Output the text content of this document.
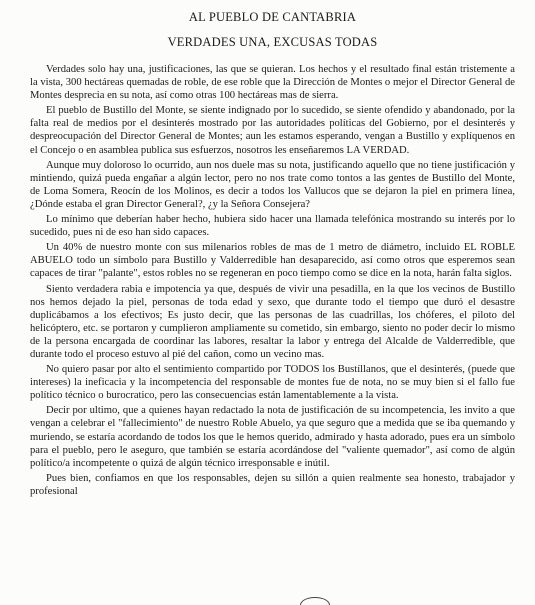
AL PUEBLO DE CANTABRIA
VERDADES UNA, EXCUSAS TODAS

Verdades solo hay una, justificaciones, las que se quieran. Los hechos y el resultado final están tristemente a la vista, 300 hectáreas quemadas de roble, de ese roble que la Dirección de Montes o mejor el Director General de Montes desprecia en su nota, así como otras 100 hectáreas mas de sierra.

El pueblo de Bustillo del Monte, se siente indignado por lo sucedido, se siente ofendido y abandonado, por la falta real de medios por el desinterés mostrado por las autoridades políticas del Gobierno, por el desinterés y despreocupación del Director General de Montes; aun les estamos esperando, vengan a Bustillo y explíquenos en el Concejo o en asamblea publica sus esfuerzos, nosotros les enseñaremos LA VERDAD.

Aunque muy doloroso lo ocurrido, aun nos duele mas su nota, justificando aquello que no tiene justificación y mintiendo, quizá pueda engañar a algún lector, pero no nos trate como tontos a las gentes de Bustillo del Monte, de Loma Somera, Reocín de los Molinos, es decir a todos los Vallucos que se dejaron la piel en primera línea, ¿Dónde estaba el gran Director General?, ¿y la Señora Consejera?

Lo mínimo que deberían haber hecho, hubiera sido hacer una llamada telefónica mostrando su interés por lo sucedido, pues ni de eso han sido capaces.

Un 40% de nuestro monte con sus milenarios robles de mas de 1 metro de diámetro, incluido EL ROBLE ABUELO todo un símbolo para Bustillo y Valderredible han desaparecido, así como otros que esperemos sean capaces de tirar "palante", estos robles no se regeneran en poco tiempo como se dice en la nota, harán falta siglos.

Siento verdadera rabia e impotencia ya que, después de vivir una pesadilla, en la que los vecinos de Bustillo nos hemos dejado la piel, personas de toda edad y sexo, que durante todo el tiempo que duró el desastre duplicábamos a los efectivos; Es justo decir, que las personas de las cuadrillas, los chóferes, el piloto del helicóptero, etc. se portaron y cumplieron ampliamente su cometido, sin embargo, siento no poder decir lo mismo de la persona encargada de coordinar las labores, resaltar la labor y entrega del Alcalde de Valderredible, que durante todo el proceso estuvo al pié del cañon, como un vecino mas.

No quiero pasar por alto el sentimiento compartido por TODOS los Bustíllanos, que el desinterés, (puede que intereses) la ineficacia y la incompetencia del responsable de montes fue de nota, no se muy bien si el fallo fue político técnico o burocratico, pero las consecuencias están lamentablemente a la vista.

Decir por ultimo, que a quienes hayan redactado la nota de justificación de su incompetencia, les invito a que vengan a celebrar el "fallecimiento" de nuestro Roble Abuelo, ya que seguro que a medida que se iba quemando y muriendo, se estaría acordando de todos los que le hemos querido, admirado y hasta adorado, pues era un símbolo para el pueblo, pero le aseguro, que también se estaría acordándose del "valiente quemador", así como de algún político/a incompetente o quizá de algún técnico irresponsable e inútil.

Pues bien, confiamos en que los responsables, dejen su sillón a quien realmente sea honesto, trabajador y profesional
